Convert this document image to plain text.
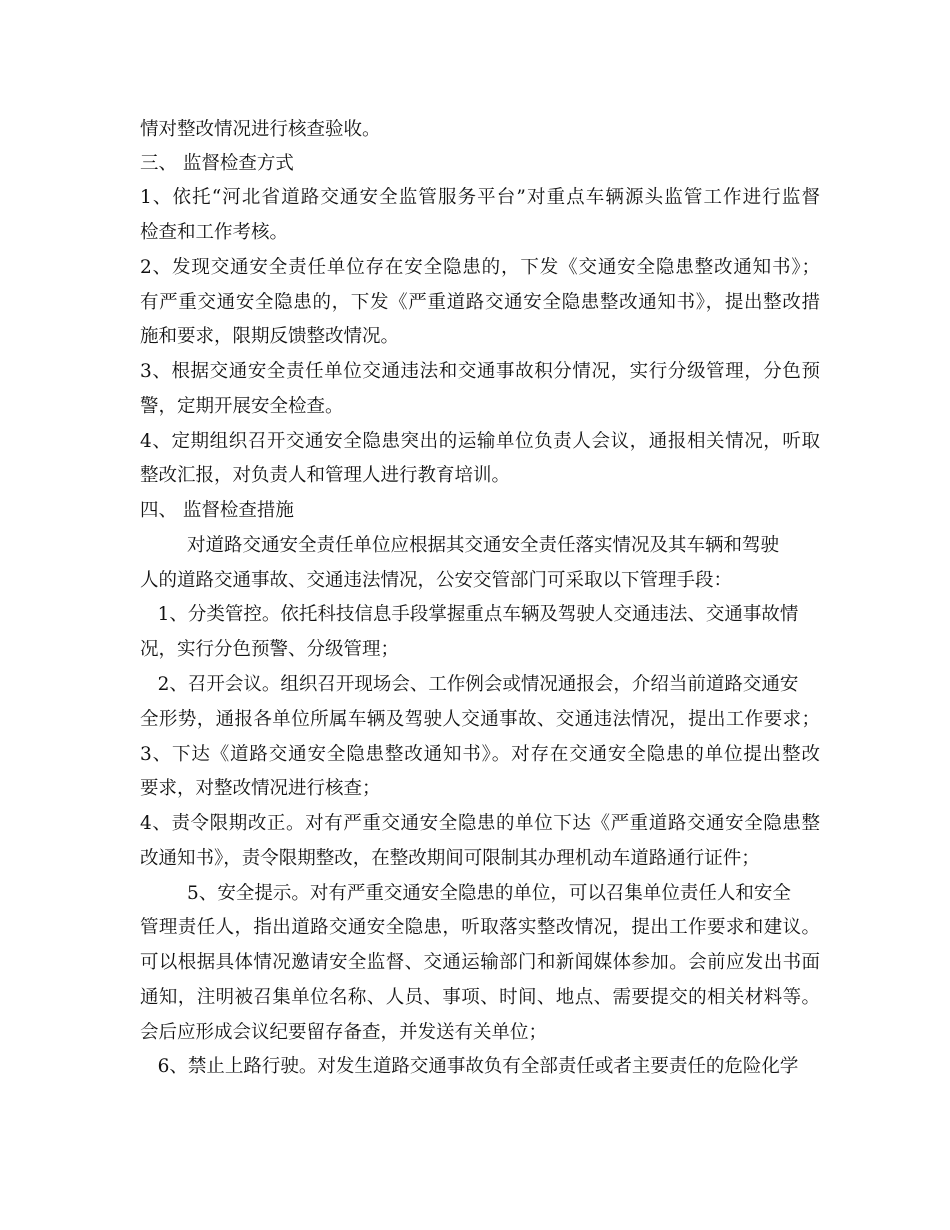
情对整改情况进行核查验收。
三、 监督检查方式
1、依托“河北省道路交通安全监管服务平台”对重点车辆源头监管工作进行监督
检查和工作考核。
2、发现交通安全责任单位存在安全隐患的，下发《交通安全隐患整改通知书》；
有严重交通安全隐患的，下发《严重道路交通安全隐患整改通知书》，提出整改措
施和要求，限期反馈整改情况。
3、根据交通安全责任单位交通违法和交通事故积分情况，实行分级管理，分色预
警，定期开展安全检查。
4、定期组织召开交通安全隐患突出的运输单位负责人会议，通报相关情况，听取
整改汇报，对负责人和管理人进行教育培训。
四、 监督检查措施
对道路交通安全责任单位应根据其交通安全责任落实情况及其车辆和驾驶
人的道路交通事故、交通违法情况，公安交管部门可采取以下管理手段：
1、分类管控。依托科技信息手段掌握重点车辆及驾驶人交通违法、交通事故情
况，实行分色预警、分级管理；
2、召开会议。组织召开现场会、工作例会或情况通报会，介绍当前道路交通安
全形势，通报各单位所属车辆及驾驶人交通事故、交通违法情况，提出工作要求；
3、下达《道路交通安全隐患整改通知书》。对存在交通安全隐患的单位提出整改
要求，对整改情况进行核查；
4、责令限期改正。对有严重交通安全隐患的单位下达《严重道路交通安全隐患整
改通知书》，责令限期整改，在整改期间可限制其办理机动车道路通行证件；
5、安全提示。对有严重交通安全隐患的单位，可以召集单位责任人和安全
管理责任人，指出道路交通安全隐患，听取落实整改情况，提出工作要求和建议。
可以根据具体情况邀请安全监督、交通运输部门和新闻媒体参加。会前应发出书面
通知，注明被召集单位名称、人员、事项、时间、地点、需要提交的相关材料等。
会后应形成会议纪要留存备查，并发送有关单位；
6、禁止上路行驶。对发生道路交通事故负有全部责任或者主要责任的危险化学
